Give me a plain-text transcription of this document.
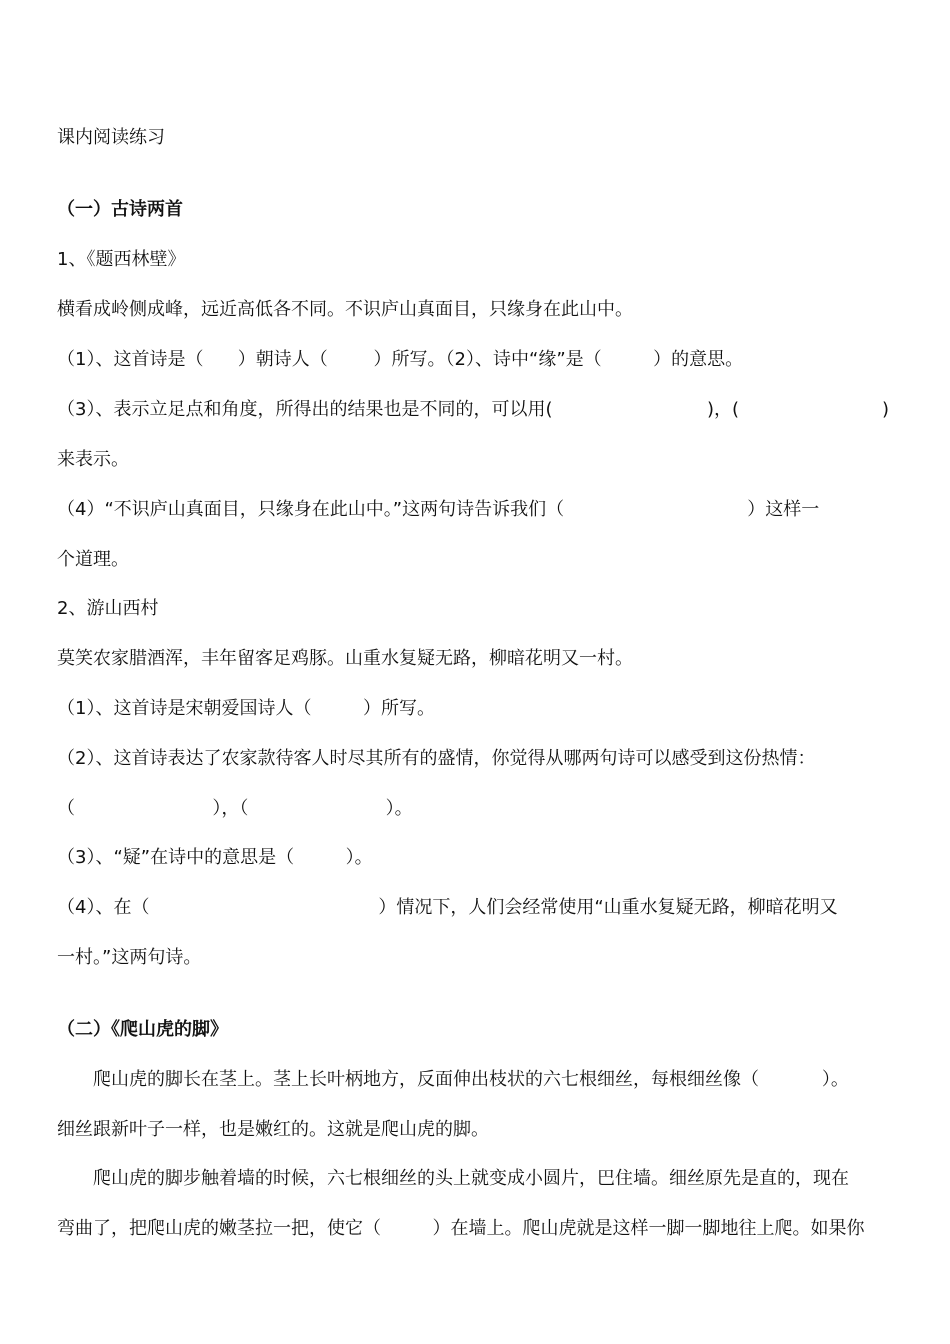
课内阅读练习
（一）古诗两首
1、《题西林壁》
横看成岭侧成峰，远近高低各不同。不识庐山真面目，只缘身在此山中。
（1）、这首诗是（      ）朝诗人（        ）所写。（2）、诗中“缘”是（         ）的意思。
（3）、表示立足点和角度，所得出的结果也是不同的，可以用(                           )，(                         )
来表示。
（4）“不识庐山真面目，只缘身在此山中。”这两句诗告诉我们（                                ）这样一
个道理。
2、游山西村
莫笑农家腊酒浑，丰年留客足鸡豚。山重水复疑无路，柳暗花明又一村。
（1）、这首诗是宋朝爱国诗人（         ）所写。
（2）、这首诗表达了农家款待客人时尽其所有的盛情，你觉得从哪两句诗可以感受到这份热情：
（                        ），（                        ）。
（3）、“疑”在诗中的意思是（         ）。
（4）、在（                                        ）情况下，人们会经常使用“山重水复疑无路，柳暗花明又
一村。”这两句诗。
（二）《爬山虎的脚》
爬山虎的脚长在茎上。茎上长叶柄地方，反面伸出枝状的六七根细丝，每根细丝像（           ）。
细丝跟新叶子一样，也是嫩红的。这就是爬山虎的脚。
爬山虎的脚步触着墙的时候，六七根细丝的头上就变成小圆片，巴住墙。细丝原先是直的，现在
弯曲了，把爬山虎的嫩茎拉一把，使它（         ）在墙上。爬山虎就是这样一脚一脚地往上爬。如果你
